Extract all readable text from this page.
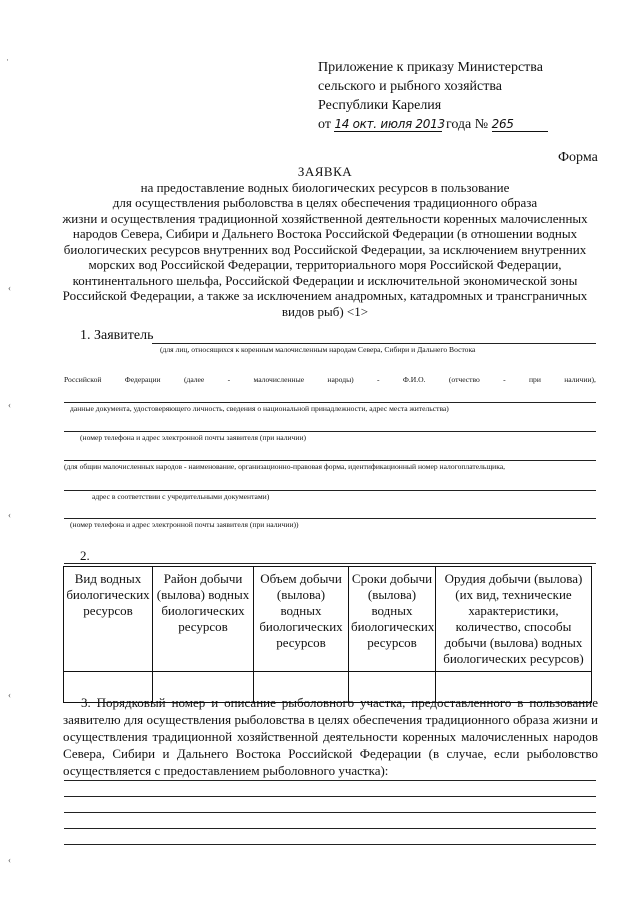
Приложение к приказу Министерства
сельского и рыбного хозяйства
Республики Карелия
от 14 окт. июля 2013 года № 265
Форма
ЗАЯВКА
на предоставление водных биологических ресурсов в пользование
для осуществления рыболовства в целях обеспечения традиционного образа
жизни и осуществления традиционной хозяйственной деятельности коренных малочисленных
народов Севера, Сибири и Дальнего Востока Российской Федерации (в отношении водных
биологических ресурсов внутренних вод Российской Федерации, за исключением внутренних
морских вод Российской Федерации, территориального моря Российской Федерации,
континентального шельфа, Российской Федерации и исключительной экономической зоны
Российской Федерации, а также за исключением анадромных, катадромных и трансграничных
видов рыб) <1>
1. Заявитель
(для лиц, относящихся к коренным малочисленным народам Севера, Сибири и Дальнего Востока
Российской	Федерации	(далее	-	малочисленные	народы)	-	Ф.И.О.	(отчество	-	при	наличии),
данные документа, удостоверяющего личность, сведения о национальной принадлежности, адрес места жительства)
(номер телефона и адрес электронной почты заявителя (при наличии)
(для общин малочисленных народов - наименование, организационно-правовая форма, идентификационный номер налогоплательщика,
адрес в соответствии с учредительными документами)
(номер телефона и адрес электронной почты заявителя (при наличии))
2.
Вид водных биологических ресурсов	Район добычи (вылова) водных биологических ресурсов	Объем добычи (вылова) водных биологических ресурсов	Сроки добычи (вылова) водных биологических ресурсов	Орудия добычи (вылова) (их вид, технические характеристики, количество, способы добычи (вылова) водных биологических ресурсов)

3. Порядковый номер и описание рыболовного участка, предоставленного в пользование заявителю для осуществления рыболовства в целях обеспечения традиционного образа жизни и осуществления традиционной хозяйственной деятельности коренных малочисленных народов Севера, Сибири и Дальнего Востока Российской Федерации (в случае, если рыболовство осуществляется с предоставлением рыболовного участка):
·
‹
‹
‹
‹
‹
